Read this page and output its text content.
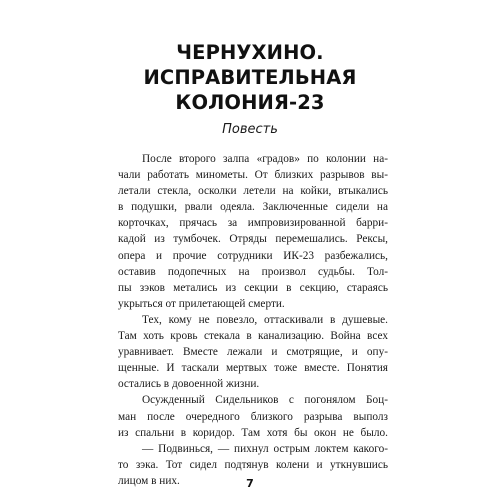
ЧЕРНУХИНО.
ИСПРАВИТЕЛЬНАЯ
КОЛОНИЯ-23
Повесть
После второго залпа «градов» по колонии на-
чали работать минометы. От близких разрывов вы-
летали стекла, осколки летели на койки, втыкались
в подушки, рвали одеяла. Заключенные сидели на
корточках, прячась за импровизированной барри-
кадой из тумбочек. Отряды перемешались. Рексы,
опера и прочие сотрудники ИК-23 разбежались,
оставив подопечных на произвол судьбы. Тол-
пы зэков метались из секции в секцию, стараясь
укрыться от прилетающей смерти.
Тех, кому не повезло, оттаскивали в душевые.
Там хоть кровь стекала в канализацию. Война всех
уравнивает. Вместе лежали и смотрящие, и опу-
щенные. И таскали мертвых тоже вместе. Понятия
остались в довоенной жизни.
Осужденный Сидельников с погонялом Боц-
ман после очередного близкого разрыва выполз
из спальни в коридор. Там хотя бы окон не было.
— Подвинься, — пихнул острым локтем какого-
то зэка. Тот сидел подтянув колени и уткнувшись
лицом в них.	7
